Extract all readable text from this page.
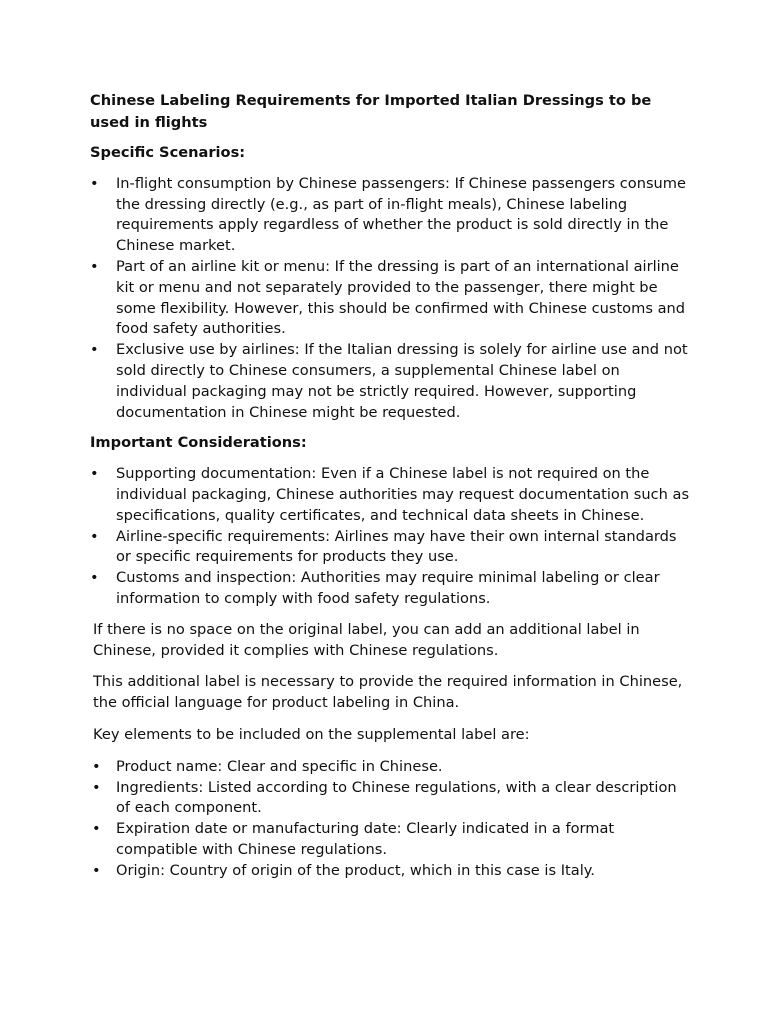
Chinese Labeling Requirements for Imported Italian Dressings to be used in flights
Specific Scenarios:
•	In-flight consumption by Chinese passengers: If Chinese passengers consume the dressing directly (e.g., as part of in-flight meals), Chinese labeling requirements apply regardless of whether the product is sold directly in the Chinese market.
•	Part of an airline kit or menu: If the dressing is part of an international airline kit or menu and not separately provided to the passenger, there might be some flexibility. However, this should be confirmed with Chinese customs and food safety authorities.
•	Exclusive use by airlines: If the Italian dressing is solely for airline use and not sold directly to Chinese consumers, a supplemental Chinese label on individual packaging may not be strictly required. However, supporting documentation in Chinese might be requested.
Important Considerations:
•	Supporting documentation: Even if a Chinese label is not required on the individual packaging, Chinese authorities may request documentation such as specifications, quality certificates, and technical data sheets in Chinese.
•	Airline-specific requirements: Airlines may have their own internal standards or specific requirements for products they use.
•	Customs and inspection: Authorities may require minimal labeling or clear information to comply with food safety regulations.

If there is no space on the original label, you can add an additional label in Chinese, provided it complies with Chinese regulations.

This additional label is necessary to provide the required information in Chinese, the official language for product labeling in China.

Key elements to be included on the supplemental label are:

•	Product name: Clear and specific in Chinese.
•	Ingredients: Listed according to Chinese regulations, with a clear description of each component.
•	Expiration date or manufacturing date: Clearly indicated in a format compatible with Chinese regulations.
•	Origin: Country of origin of the product, which in this case is Italy.
